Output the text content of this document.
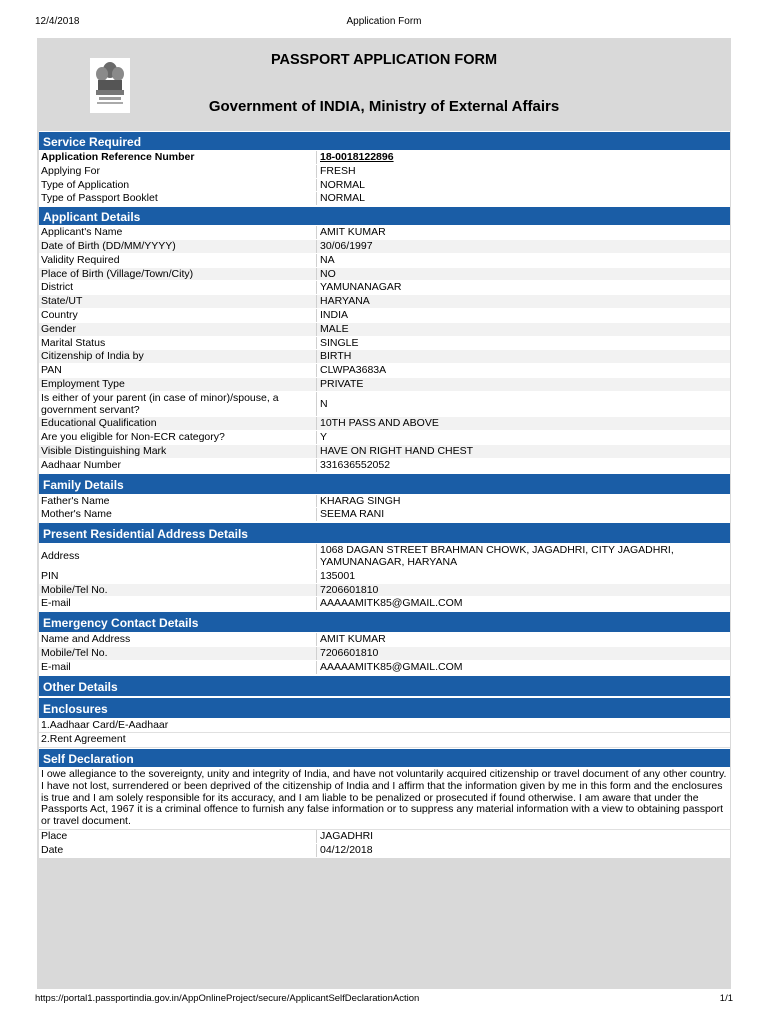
12/4/2018	Application Form
PASSPORT APPLICATION FORM
Government of INDIA, Ministry of External Affairs
Service Required
Application Reference Number	18-0018122896
Applying For	FRESH
Type of Application	NORMAL
Type of Passport Booklet	NORMAL
Applicant Details
Applicant's Name	AMIT KUMAR
Date of Birth (DD/MM/YYYY)	30/06/1997
Validity Required	NA
Place of Birth (Village/Town/City)	NO
District	YAMUNANAGAR
State/UT	HARYANA
Country	INDIA
Gender	MALE
Marital Status	SINGLE
Citizenship of India by	BIRTH
PAN	CLWPA3683A
Employment Type	PRIVATE
Is either of your parent (in case of minor)/spouse, a government servant?	N
Educational Qualification	10TH PASS AND ABOVE
Are you eligible for Non-ECR category?	Y
Visible Distinguishing Mark	HAVE ON RIGHT HAND CHEST
Aadhaar Number	331636552052
Family Details
Father's Name	KHARAG SINGH
Mother's Name	SEEMA RANI
Present Residential Address Details
Address	1068 DAGAN STREET BRAHMAN CHOWK, JAGADHRI, CITY JAGADHRI, YAMUNANAGAR, HARYANA
PIN	135001
Mobile/Tel No.	7206601810
E-mail	AAAAAMITK85@GMAIL.COM
Emergency Contact Details
Name and Address	AMIT KUMAR
Mobile/Tel No.	7206601810
E-mail	AAAAAMITK85@GMAIL.COM
Other Details
Enclosures
1.Aadhaar Card/E-Aadhaar
2.Rent Agreement
Self Declaration
I owe allegiance to the sovereignty, unity and integrity of India, and have not voluntarily acquired citizenship or travel document of any other country. I have not lost, surrendered or been deprived of the citizenship of India and I affirm that the information given by me in this form and the enclosures is true and I am solely responsible for its accuracy, and I am liable to be penalized or prosecuted if found otherwise. I am aware that under the Passports Act, 1967 it is a criminal offence to furnish any false information or to suppress any material information with a view to obtaining passport or travel document.
Place	JAGADHRI
Date	04/12/2018
https://portal1.passportindia.gov.in/AppOnlineProject/secure/ApplicantSelfDeclarationAction	1/1
